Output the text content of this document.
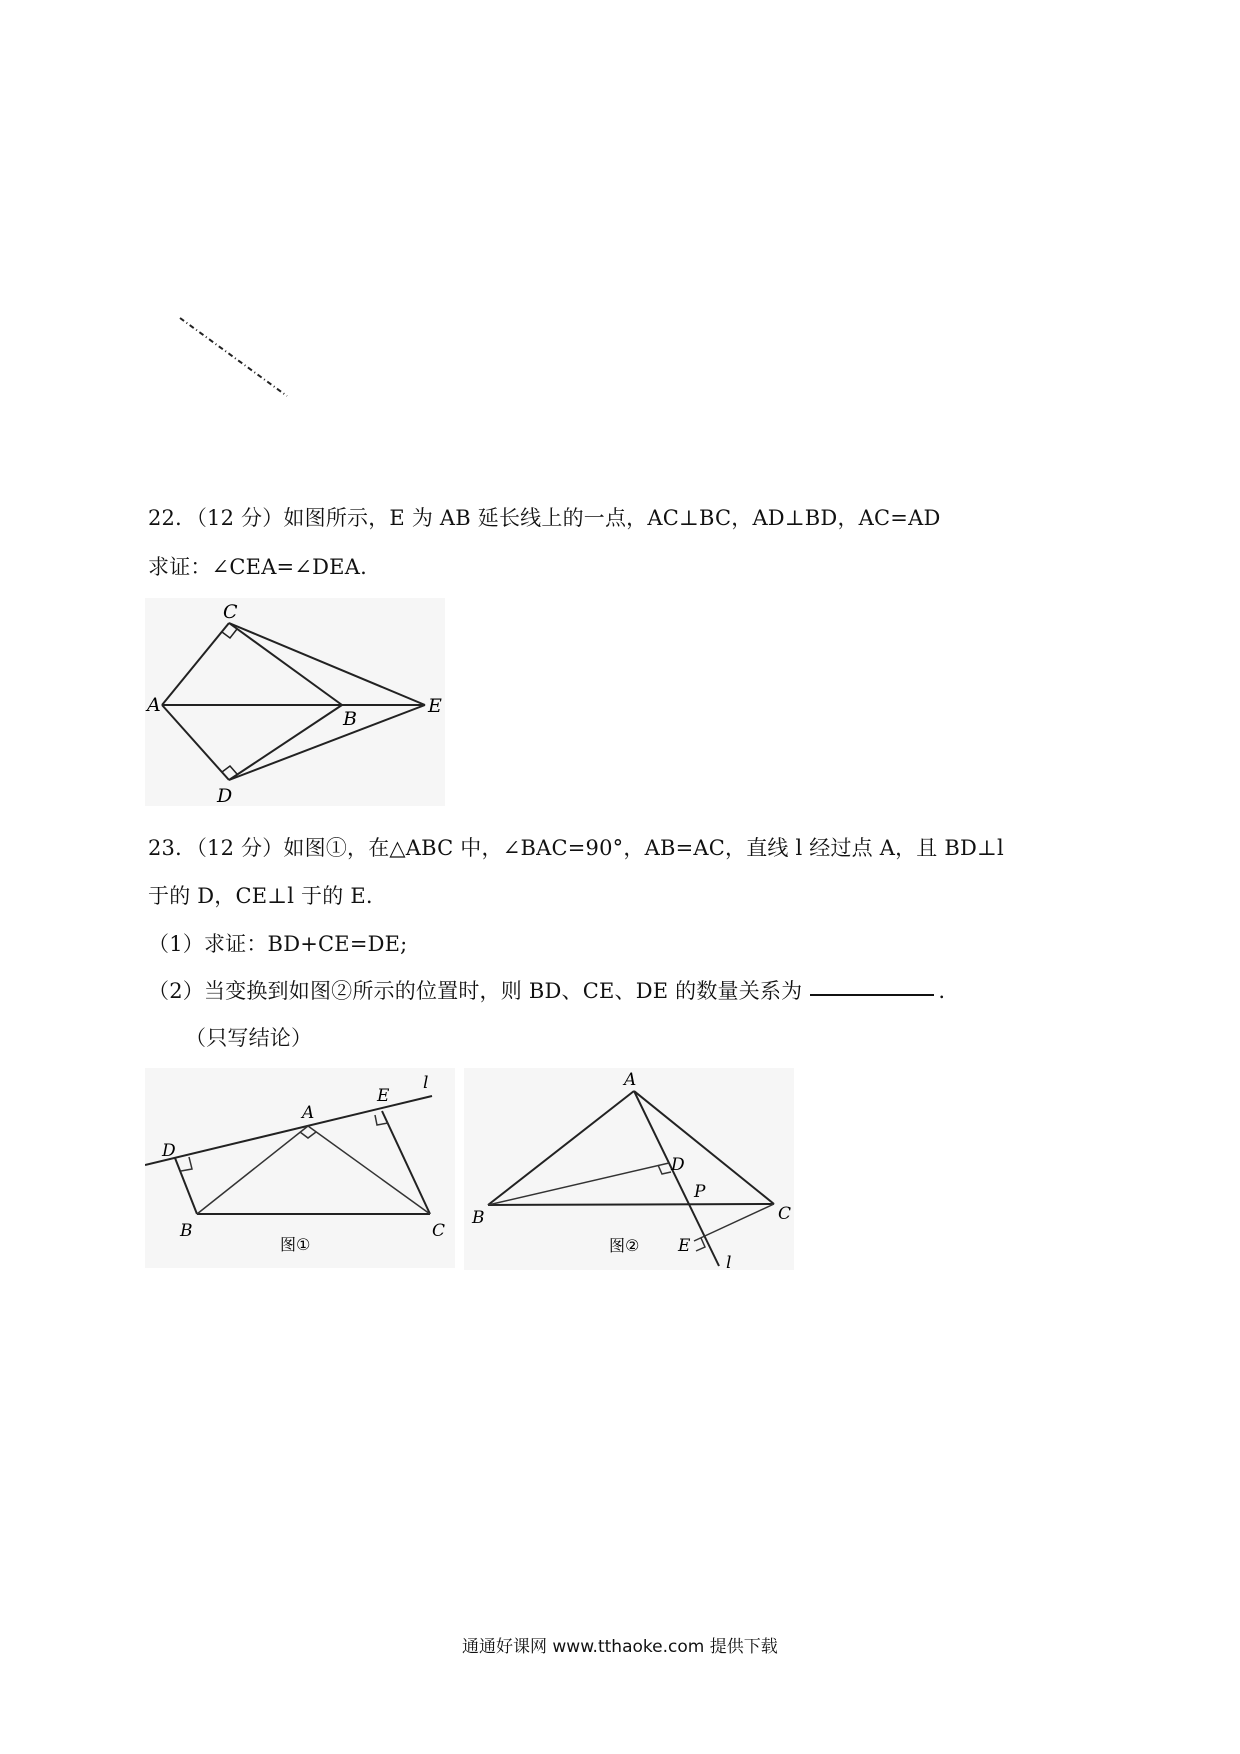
22．（12 分）如图所示，E 为 AB 延长线上的一点，AC⊥BC，AD⊥BD，AC=AD
求证：∠CEA=∠DEA.
C
A
B
E
D
23．（12 分）如图①，在△ABC 中，∠BAC=90°，AB=AC，直线 l 经过点 A，且 BD⊥l
于的 D，CE⊥l 于的 E.
（1）求证：BD+CE=DE;
（2）当变换到如图②所示的位置时，则 BD、CE、DE 的数量关系为	.
（只写结论）
D
A
E
l
B	C
图①
A
D
P
B	C
E
l
图②
通通好课网 www.tthaoke.com 提供下载
